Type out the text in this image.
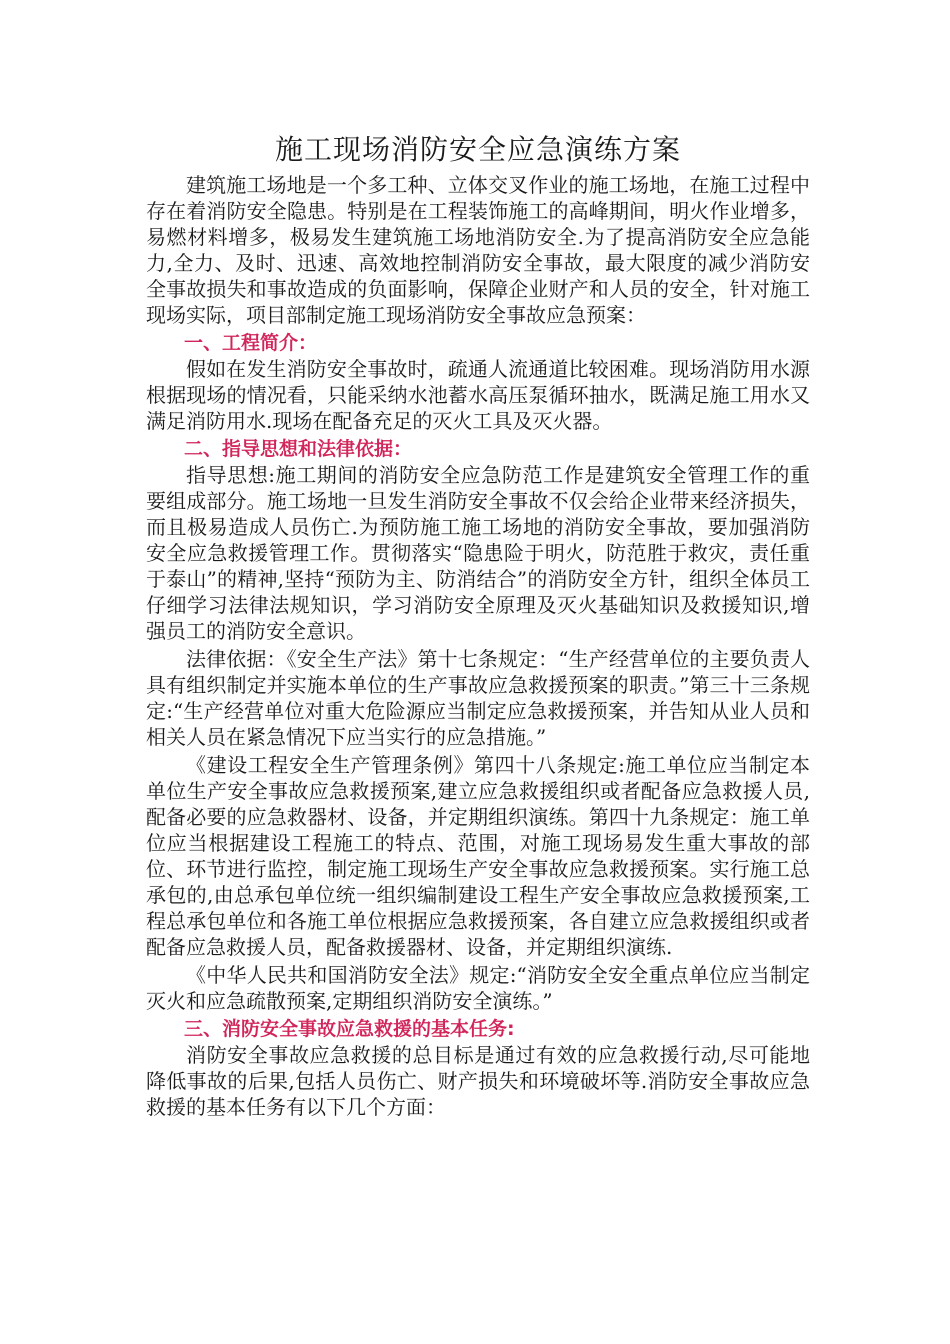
施工现场消防安全应急演练方案

建筑施工场地是一个多工种、立体交叉作业的施工场地，在施工过程中存在着消防安全隐患。特别是在工程装饰施工的高峰期间，明火作业增多，易燃材料增多，极易发生建筑施工场地消防安全.为了提高消防安全应急能力,全力、及时、迅速、高效地控制消防安全事故，最大限度的减少消防安全事故损失和事故造成的负面影响，保障企业财产和人员的安全，针对施工现场实际，项目部制定施工现场消防安全事故应急预案：

一、工程简介：

假如在发生消防安全事故时，疏通人流通道比较困难。现场消防用水源根据现场的情况看，只能采纳水池蓄水高压泵循环抽水，既满足施工用水又满足消防用水.现场在配备充足的灭火工具及灭火器。

二、指导思想和法律依据：

指导思想:施工期间的消防安全应急防范工作是建筑安全管理工作的重要组成部分。施工场地一旦发生消防安全事故不仅会给企业带来经济损失，而且极易造成人员伤亡.为预防施工施工场地的消防安全事故，要加强消防安全应急救援管理工作。贯彻落实“隐患险于明火，防范胜于救灾，责任重于泰山”的精神,坚持“预防为主、防消结合”的消防安全方针，组织全体员工仔细学习法律法规知识，学习消防安全原理及灭火基础知识及救援知识,增强员工的消防安全意识。

法律依据：《安全生产法》第十七条规定：“生产经营单位的主要负责人具有组织制定并实施本单位的生产事故应急救援预案的职责。”第三十三条规定:“生产经营单位对重大危险源应当制定应急救援预案，并告知从业人员和相关人员在紧急情况下应当实行的应急措施。”

《建设工程安全生产管理条例》第四十八条规定:施工单位应当制定本单位生产安全事故应急救援预案,建立应急救援组织或者配备应急救援人员,配备必要的应急救器材、设备，并定期组织演练。第四十九条规定：施工单位应当根据建设工程施工的特点、范围，对施工现场易发生重大事故的部位、环节进行监控，制定施工现场生产安全事故应急救援预案。实行施工总承包的,由总承包单位统一组织编制建设工程生产安全事故应急救援预案,工程总承包单位和各施工单位根据应急救援预案，各自建立应急救援组织或者配备应急救援人员，配备救援器材、设备，并定期组织演练.

《中华人民共和国消防安全法》规定:“消防安全安全重点单位应当制定灭火和应急疏散预案,定期组织消防安全演练。”

三、消防安全事故应急救援的基本任务:

消防安全事故应急救援的总目标是通过有效的应急救援行动,尽可能地降低事故的后果,包括人员伤亡、财产损失和环境破坏等.消防安全事故应急救援的基本任务有以下几个方面：
